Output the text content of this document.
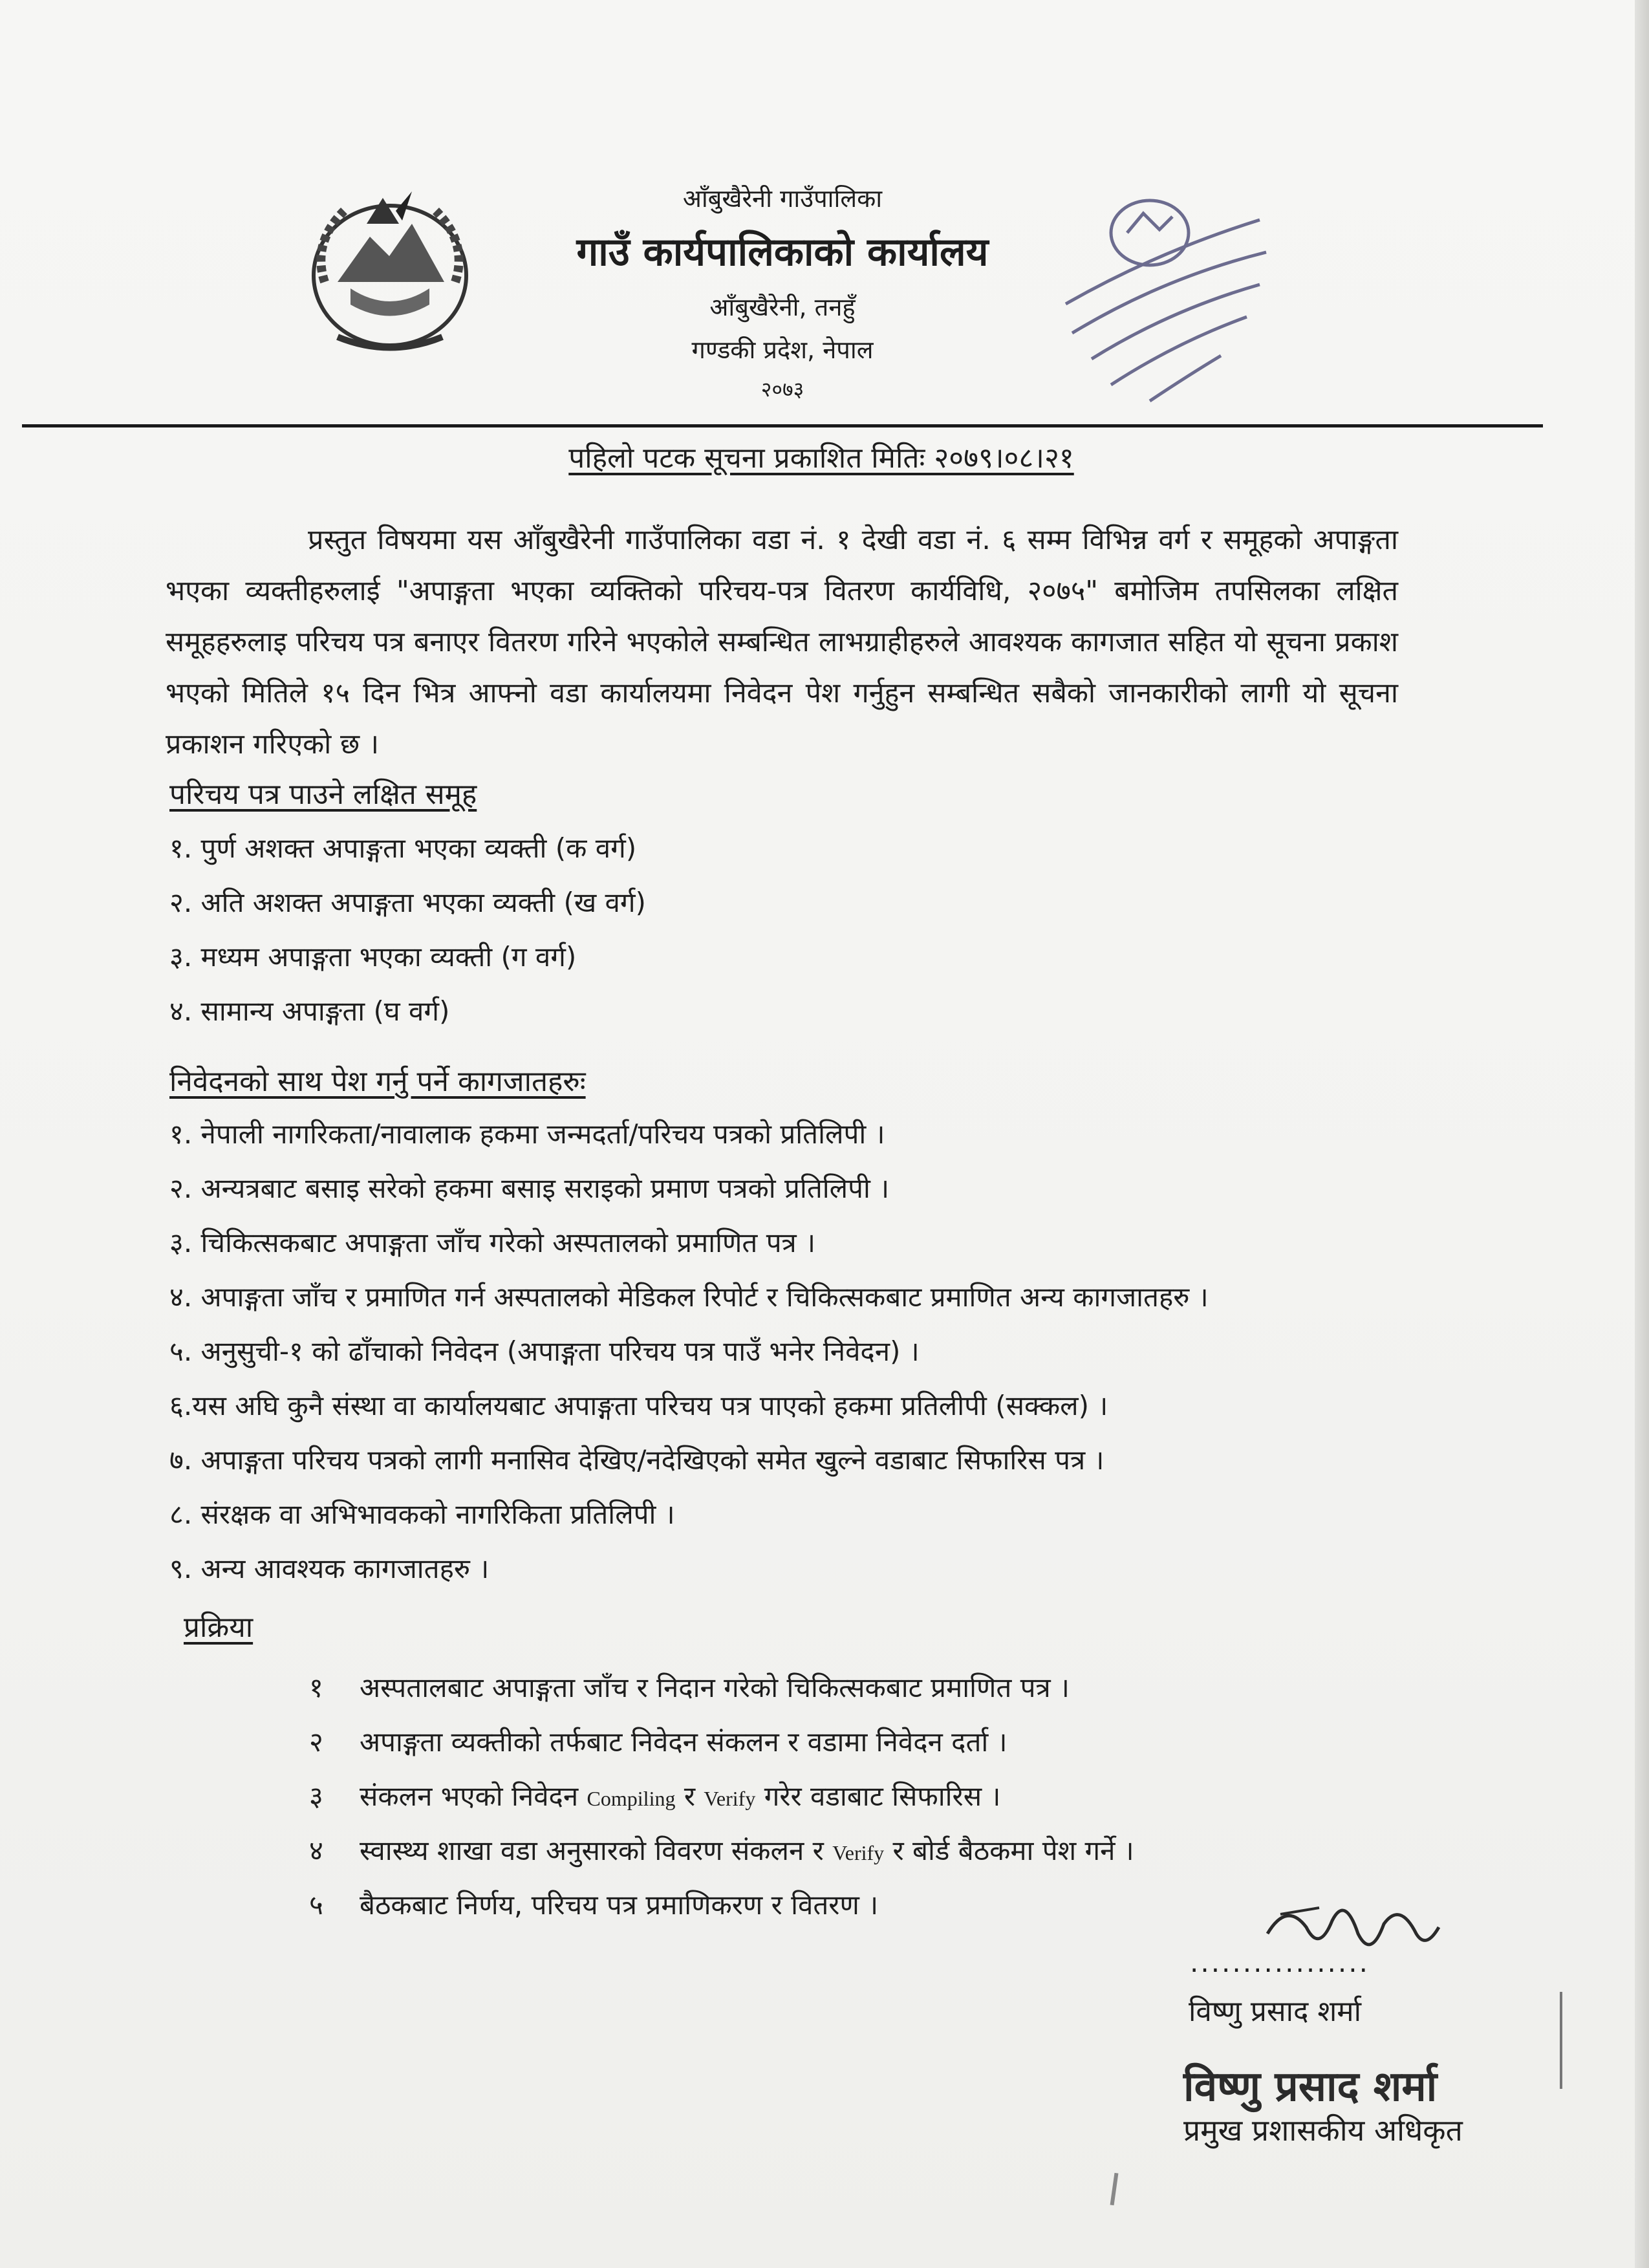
आँबुखैरेनी गाउँपालिका
गाउँ कार्यपालिकाको कार्यालय
आँबुखैरेनी, तनहुँ
गण्डकी प्रदेश, नेपाल
२०७३
पहिलो पटक सूचना प्रकाशित मितिः २०७९।०८।२१

प्रस्तुत विषयमा यस आँबुखैरेनी गाउँपालिका वडा नं. १ देखी वडा नं. ६ सम्म विभिन्न वर्ग र समूहको अपाङ्गता भएका व्यक्तीहरुलाई "अपाङ्गता भएका व्यक्तिको परिचय-पत्र वितरण कार्यविधि, २०७५" बमोजिम तपसिलका लक्षित समूहहरुलाइ परिचय पत्र बनाएर वितरण गरिने भएकोले सम्बन्धित लाभग्राहीहरुले आवश्यक कागजात सहित यो सूचना प्रकाश भएको मितिले १५ दिन भित्र आफ्नो वडा कार्यालयमा निवेदन पेश गर्नुहुन सम्बन्धित सबैको जानकारीको लागी यो सूचना प्रकाशन गरिएको छ ।

परिचय पत्र पाउने लक्षित समूह
१. पुर्ण अशक्त अपाङ्गता भएका व्यक्ती (क वर्ग)
२. अति अशक्त अपाङ्गता भएका व्यक्ती (ख वर्ग)
३. मध्यम अपाङ्गता भएका व्यक्ती (ग वर्ग)
४. सामान्य अपाङ्गता (घ वर्ग)
निवेदनको साथ पेश गर्नु पर्ने कागजातहरुः
१. नेपाली नागरिकता/नावालाक हकमा जन्मदर्ता/परिचय पत्रको प्रतिलिपी ।
२. अन्यत्रबाट बसाइ सरेको हकमा बसाइ सराइको प्रमाण पत्रको प्रतिलिपी ।
३. चिकित्सकबाट अपाङ्गता जाँच गरेको अस्पतालको प्रमाणित पत्र ।
४. अपाङ्गता जाँच र प्रमाणित गर्न अस्पतालको मेडिकल रिपोर्ट र चिकित्सकबाट प्रमाणित अन्य कागजातहरु ।
५. अनुसुची-१ को ढाँचाको निवेदन (अपाङ्गता परिचय पत्र पाउँ भनेर निवेदन) ।
६.यस अघि कुनै संस्था वा कार्यालयबाट अपाङ्गता परिचय पत्र पाएको हकमा प्रतिलीपी (सक्कल) ।
७. अपाङ्गता परिचय पत्रको लागी मनासिव देखिए/नदेखिएको समेत खुल्ने वडाबाट सिफारिस पत्र ।
८. संरक्षक वा अभिभावकको नागरिकिता प्रतिलिपी ।
९. अन्य आवश्यक कागजातहरु ।
प्रक्रिया
१ अस्पतालबाट अपाङ्गता जाँच र निदान गरेको चिकित्सकबाट प्रमाणित पत्र ।
२ अपाङ्गता व्यक्तीको तर्फबाट निवेदन संकलन र वडामा निवेदन दर्ता ।
३ संकलन भएको निवेदन Compiling र Verify गरेर वडाबाट सिफारिस ।
४ स्वास्थ्य शाखा वडा अनुसारको विवरण संकलन र Verify र बोर्ड बैठकमा पेश गर्ने ।
५ बैठकबाट निर्णय, परिचय पत्र प्रमाणिकरण र वितरण ।
.................
विष्णु प्रसाद शर्मा
विष्णु प्रसाद शर्मा
प्रमुख प्रशासकीय अधिकृत
